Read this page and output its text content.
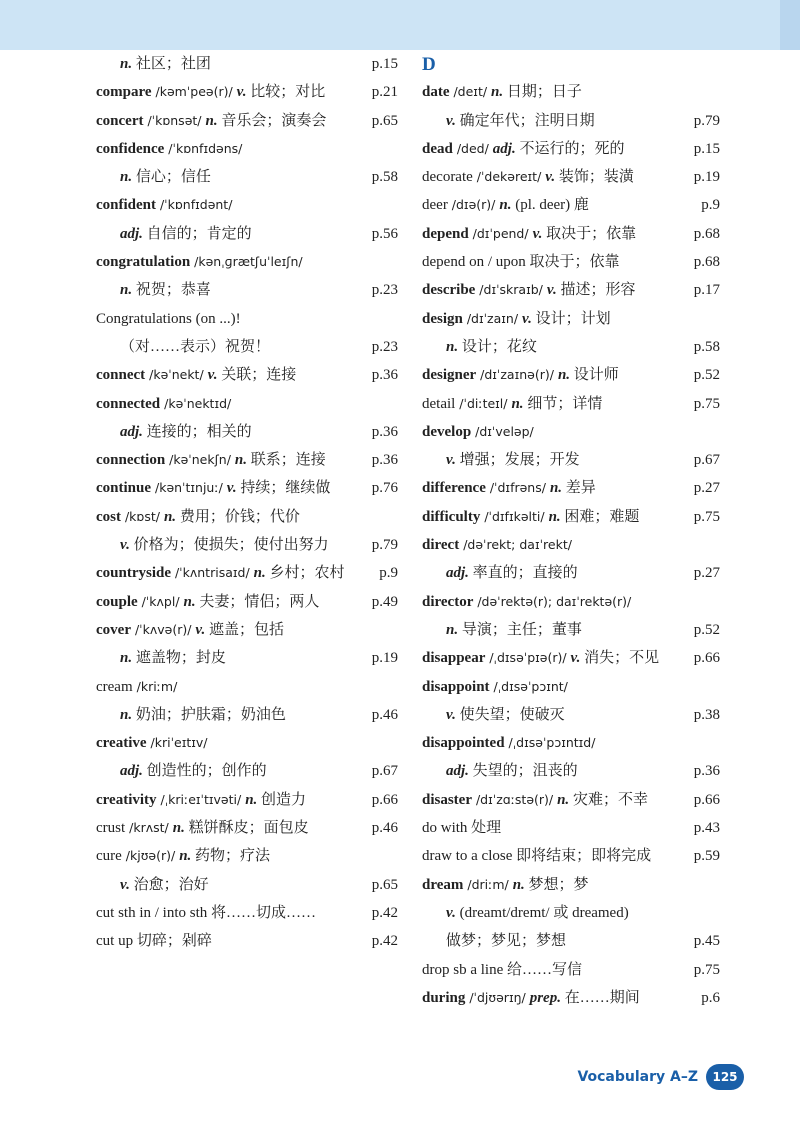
n. 社区；社团	p.15
compare /kəmˈpeə(r)/ v. 比较；对比	p.21
concert /ˈkɒnsət/ n. 音乐会；演奏会	p.65
confidence /ˈkɒnfɪdəns/
n. 信心；信任	p.58
confident /ˈkɒnfɪdənt/
adj. 自信的；肯定的	p.56
congratulation /kənˌɡrætʃuˈleɪʃn/
n. 祝贺；恭喜	p.23
Congratulations (on ...)!
（对……表示）祝贺！	p.23
connect /kəˈnekt/ v. 关联；连接	p.36
connected /kəˈnektɪd/
adj. 连接的；相关的	p.36
connection /kəˈnekʃn/ n. 联系；连接	p.36
continue /kənˈtɪnjuː/ v. 持续；继续做	p.76
cost /kɒst/ n. 费用；价钱；代价
v. 价格为；使损失；使付出努力	p.79
countryside /ˈkʌntrisaɪd/ n. 乡村；农村 p.9
couple /ˈkʌpl/ n. 夫妻；情侣；两人	p.49
cover /ˈkʌvə(r)/ v. 遮盖；包括
n. 遮盖物；封皮	p.19
cream /kriːm/
n. 奶油；护肤霜；奶油色	p.46
creative /kriˈeɪtɪv/
adj. 创造性的；创作的	p.67
creativity /ˌkriːeɪˈtɪvəti/ n. 创造力	p.66
crust /krʌst/ n. 糕饼酥皮；面包皮	p.46
cure /kjʊə(r)/ n. 药物；疗法
v. 治愈；治好	p.65
cut sth in / into sth 将……切成……	p.42
cut up 切碎；剁碎	p.42
D
date /deɪt/ n. 日期；日子
v. 确定年代；注明日期	p.79
dead /ded/ adj. 不运行的；死的	p.15
decorate /ˈdekəreɪt/ v. 装饰；装潢	p.19
deer /dɪə(r)/ n. (pl. deer) 鹿	p.9
depend /dɪˈpend/ v. 取决于；依靠	p.68
depend on / upon 取决于；依靠	p.68
describe /dɪˈskraɪb/ v. 描述；形容	p.17
design /dɪˈzaɪn/ v. 设计；计划
n. 设计；花纹	p.58
designer /dɪˈzaɪnə(r)/ n. 设计师	p.52
detail /ˈdiːteɪl/ n. 细节；详情	p.75
develop /dɪˈveləp/
v. 增强；发展；开发	p.67
difference /ˈdɪfrəns/ n. 差异	p.27
difficulty /ˈdɪfɪkəlti/ n. 困难；难题	p.75
direct /dəˈrekt; daɪˈrekt/
adj. 率直的；直接的	p.27
director /dəˈrektə(r); daɪˈrektə(r)/
n. 导演；主任；董事	p.52
disappear /ˌdɪsəˈpɪə(r)/ v. 消失；不见 p.66
disappoint /ˌdɪsəˈpɔɪnt/
v. 使失望；使破灭	p.38
disappointed /ˌdɪsəˈpɔɪntɪd/
adj. 失望的；沮丧的	p.36
disaster /dɪˈzɑːstə(r)/ n. 灾难；不幸	p.66
do with 处理	p.43
draw to a close 即将结束；即将完成	p.59
dream /driːm/ n. 梦想；梦
v. (dreamt/dremt/ 或 dreamed)
做梦；梦见；梦想	p.45
drop sb a line 给……写信	p.75
during /ˈdjʊərɪŋ/ prep. 在……期间	p.6
Vocabulary A–Z	125
